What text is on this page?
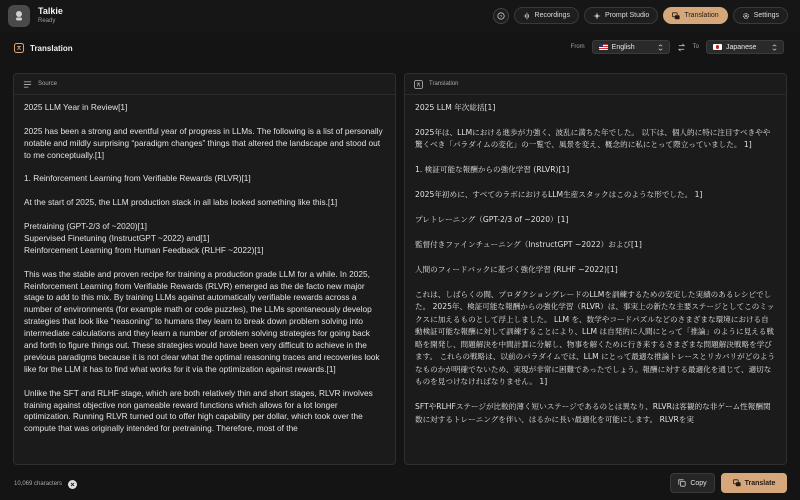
Talkie
Ready
?	Recordings	Prompt Studio	Translation	Settings
Translation	From	English	To	Japanese
Source

2025 LLM Year in Review[1]

2025 has been a strong and eventful year of progress in LLMs. The following is a list of personally notable and mildly surprising “paradigm changes” things that altered the landscape and stood out to me conceptually.[1]

1. Reinforcement Learning from Verifiable Rewards (RLVR)[1]

At the start of 2025, the LLM production stack in all labs looked something like this.[1]

Pretraining (GPT-2/3 of ~2020)[1]
Supervised Finetuning (InstructGPT ~2022) and[1]
Reinforcement Learning from Human Feedback (RLHF ~2022)[1]

This was the stable and proven recipe for training a production grade LLM for a while. In 2025, Reinforcement Learning from Verifiable Rewards (RLVR) emerged as the de facto new major stage to add to this mix. By training LLMs against automatically verifiable rewards across a number of environments (for example math or code puzzles), the LLMs spontaneously develop strategies that look like “reasoning” to humans they learn to break down problem solving into intermediate calculations and they learn a number of problem solving strategies for going back and forth to figure things out. These strategies would have been very difficult to achieve in the previous paradigms because it is not clear what the optimal reasoning traces and recoveries look like for the LLM it has to find what works for it via the optimization against rewards.[1]

Unlike the SFT and RLHF stage, which are both relatively thin and short stages, RLVR involves training against objective non gameable reward functions which allows for a lot longer optimization. Running RLVR turned out to offer high capability per dollar, which took over the compute that was originally intended for pretraining. Therefore, most of the

Translation

2025 LLM 年次総括[1]

2025年は、LLMにおける進歩が力強く、波乱に満ちた年でした。 以下は、個人的に特に注目すべきやや驚くべき「パラダイムの変化」の一覧で、風景を変え、概念的に私にとって際立っていました。 1]

1. 検証可能な報酬からの強化学習 (RLVR)[1]

2025年初めに、すべてのラボにおけるLLM生産スタックはこのような形でした。 1]

プレトレーニング（GPT-2/3 of ~2020）[1]

監督付きファインチューニング（InstructGPT ~2022）および[1]

人間のフィードバックに基づく強化学習 (RLHF ~2022)[1]

これは、しばらくの間、プロダクショングレードのLLMを訓練するための安定した実績のあるレシピでした。 2025年、検証可能な報酬からの強化学習（RLVR）は、事実上の新たな主要ステージとしてこのミックスに加えるものとして浮上しました。 LLM を、数学やコードパズルなどのさまざまな環境における自動検証可能な報酬に対して訓練することにより、LLM は自発的に人間にとって「推論」のように見える戦略を開発し、問題解決を中間計算に分解し、物事を解くために行き来するさまざまな問題解決戦略を学びます。 これらの戦略は、以前のパラダイムでは、LLM にとって最適な推論トレースとリカバリがどのようなものかが明確でないため、実現が非常に困難であったでしょう。報酬に対する最適化を通じて、適切なものを見つけなければなりません。 1]

SFTやRLHFステージが比較的薄く短いステージであるのとは異なり、RLVRは客観的な非ゲーム性報酬関数に対するトレーニングを伴い、はるかに長い最適化を可能にします。 RLVRを実

10,069 characters	Copy	Translate
